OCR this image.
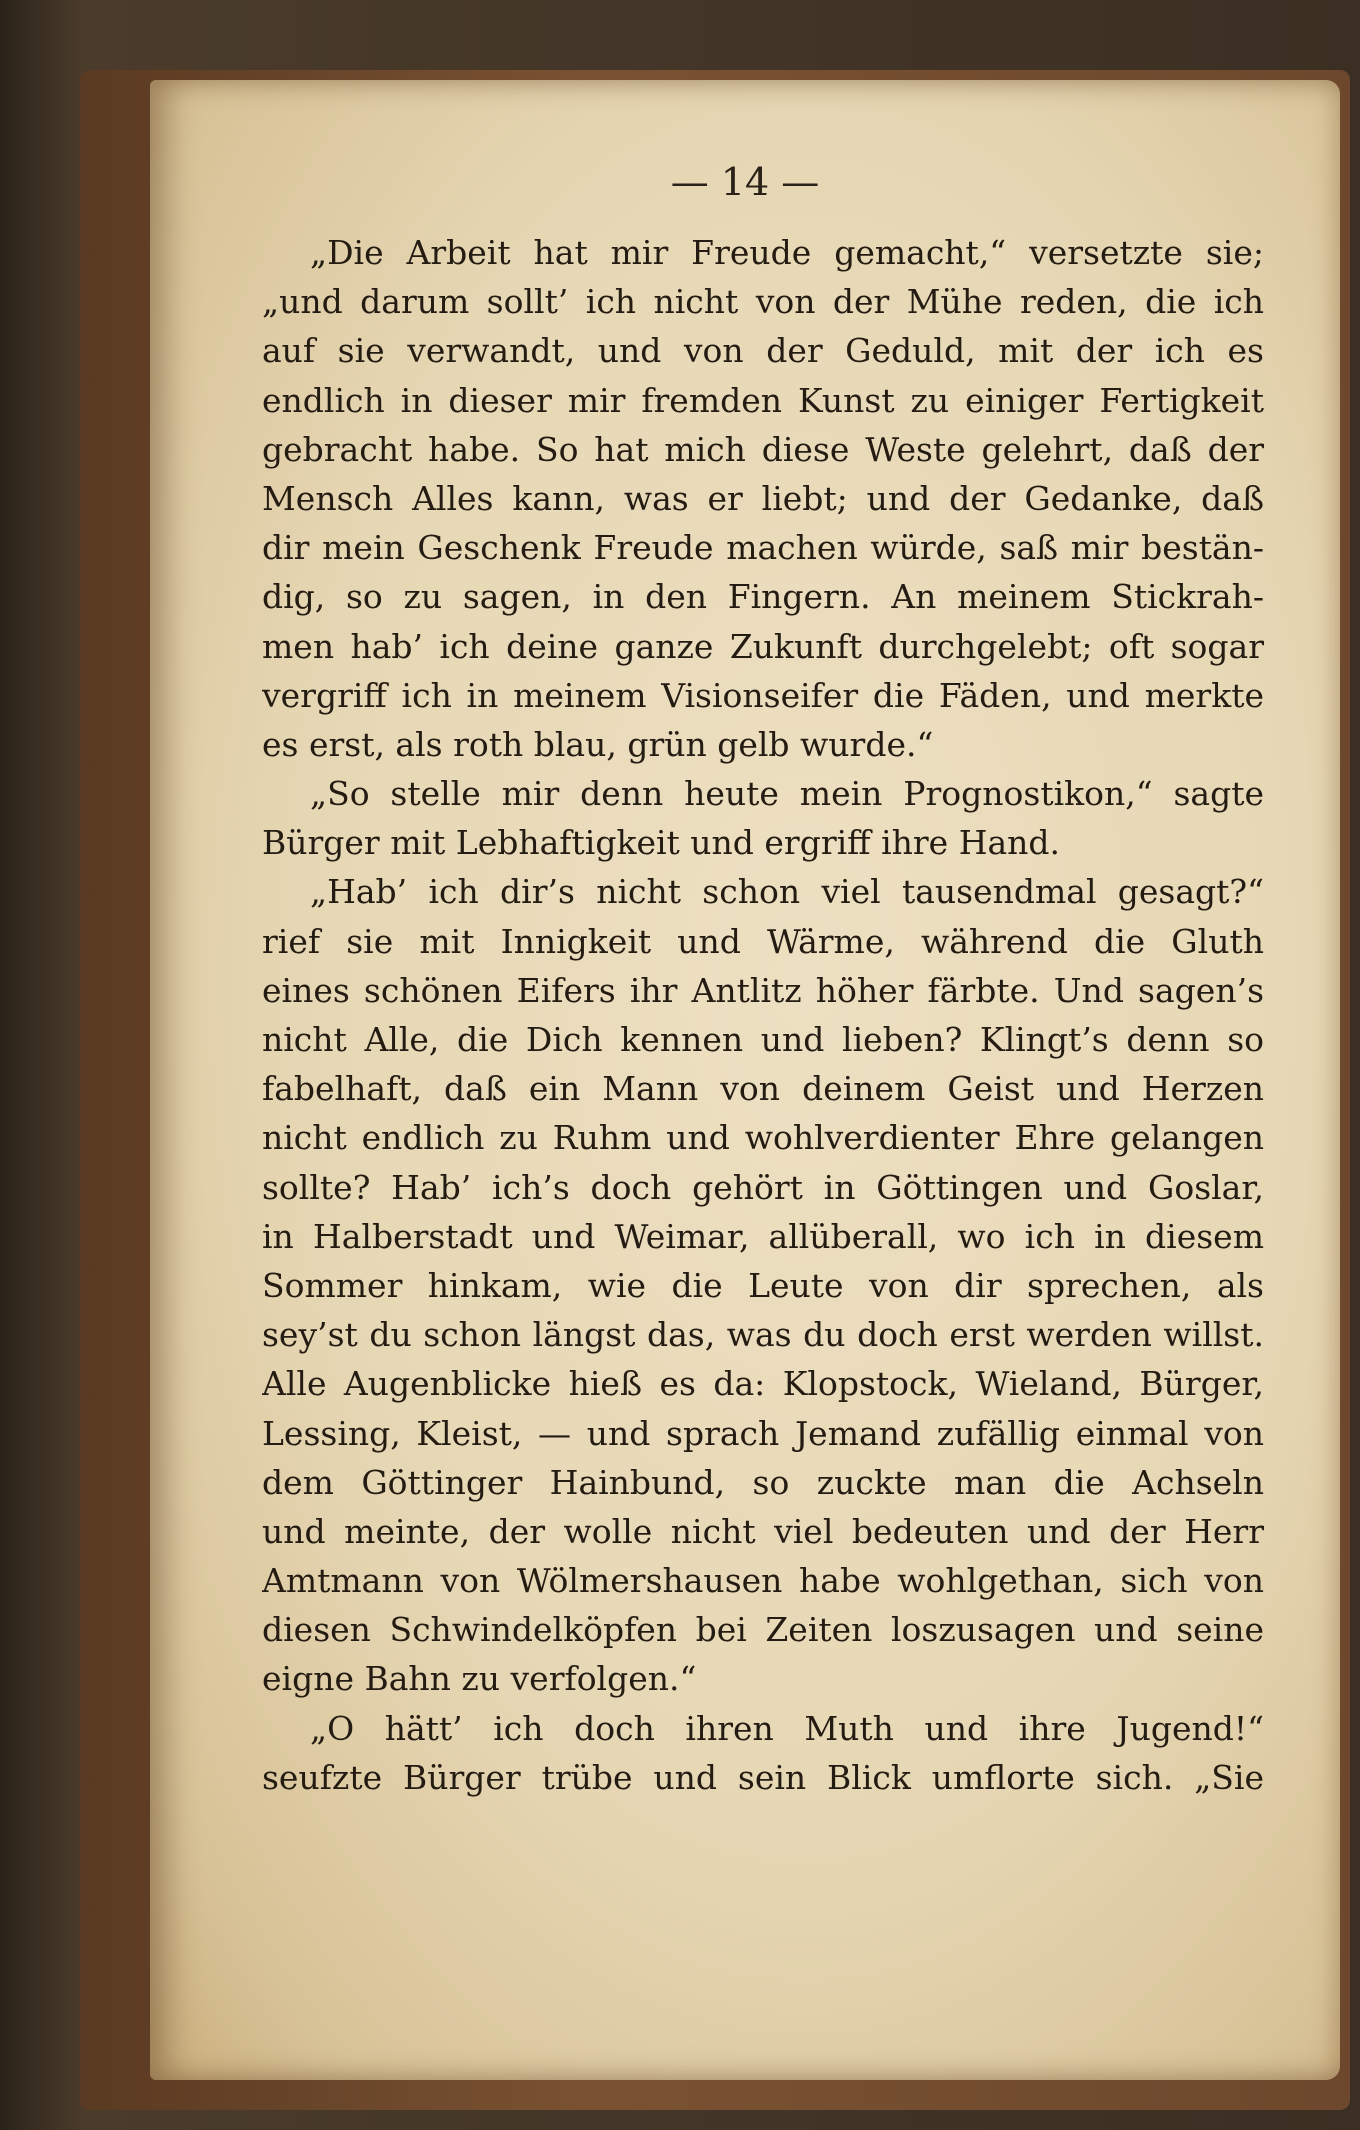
— 14 —
„Die Arbeit hat mir Freude gemacht,“ versetzte sie;
„und darum sollt’ ich nicht von der Mühe reden, die ich
auf sie verwandt, und von der Geduld, mit der ich es
endlich in dieser mir fremden Kunst zu einiger Fertigkeit
gebracht habe. So hat mich diese Weste gelehrt, daß der
Mensch Alles kann, was er liebt; und der Gedanke, daß
dir mein Geschenk Freude machen würde, saß mir bestän-
dig, so zu sagen, in den Fingern. An meinem Stickrah-
men hab’ ich deine ganze Zukunft durchgelebt; oft sogar
vergriff ich in meinem Visionseifer die Fäden, und merkte
es erst, als roth blau, grün gelb wurde.“
„So stelle mir denn heute mein Prognostikon,“ sagte
Bürger mit Lebhaftigkeit und ergriff ihre Hand.
„Hab’ ich dir’s nicht schon viel tausendmal gesagt?“
rief sie mit Innigkeit und Wärme, während die Gluth
eines schönen Eifers ihr Antlitz höher färbte. Und sagen’s
nicht Alle, die Dich kennen und lieben? Klingt’s denn so
fabelhaft, daß ein Mann von deinem Geist und Herzen
nicht endlich zu Ruhm und wohlverdienter Ehre gelangen
sollte? Hab’ ich’s doch gehört in Göttingen und Goslar,
in Halberstadt und Weimar, allüberall, wo ich in diesem
Sommer hinkam, wie die Leute von dir sprechen, als
sey’st du schon längst das, was du doch erst werden willst.
Alle Augenblicke hieß es da: Klopstock, Wieland, Bürger,
Lessing, Kleist, — und sprach Jemand zufällig einmal von
dem Göttinger Hainbund, so zuckte man die Achseln
und meinte, der wolle nicht viel bedeuten und der Herr
Amtmann von Wölmershausen habe wohlgethan, sich von
diesen Schwindelköpfen bei Zeiten loszusagen und seine
eigne Bahn zu verfolgen.“
„O hätt’ ich doch ihren Muth und ihre Jugend!“
seufzte Bürger trübe und sein Blick umflorte sich. „Sie
